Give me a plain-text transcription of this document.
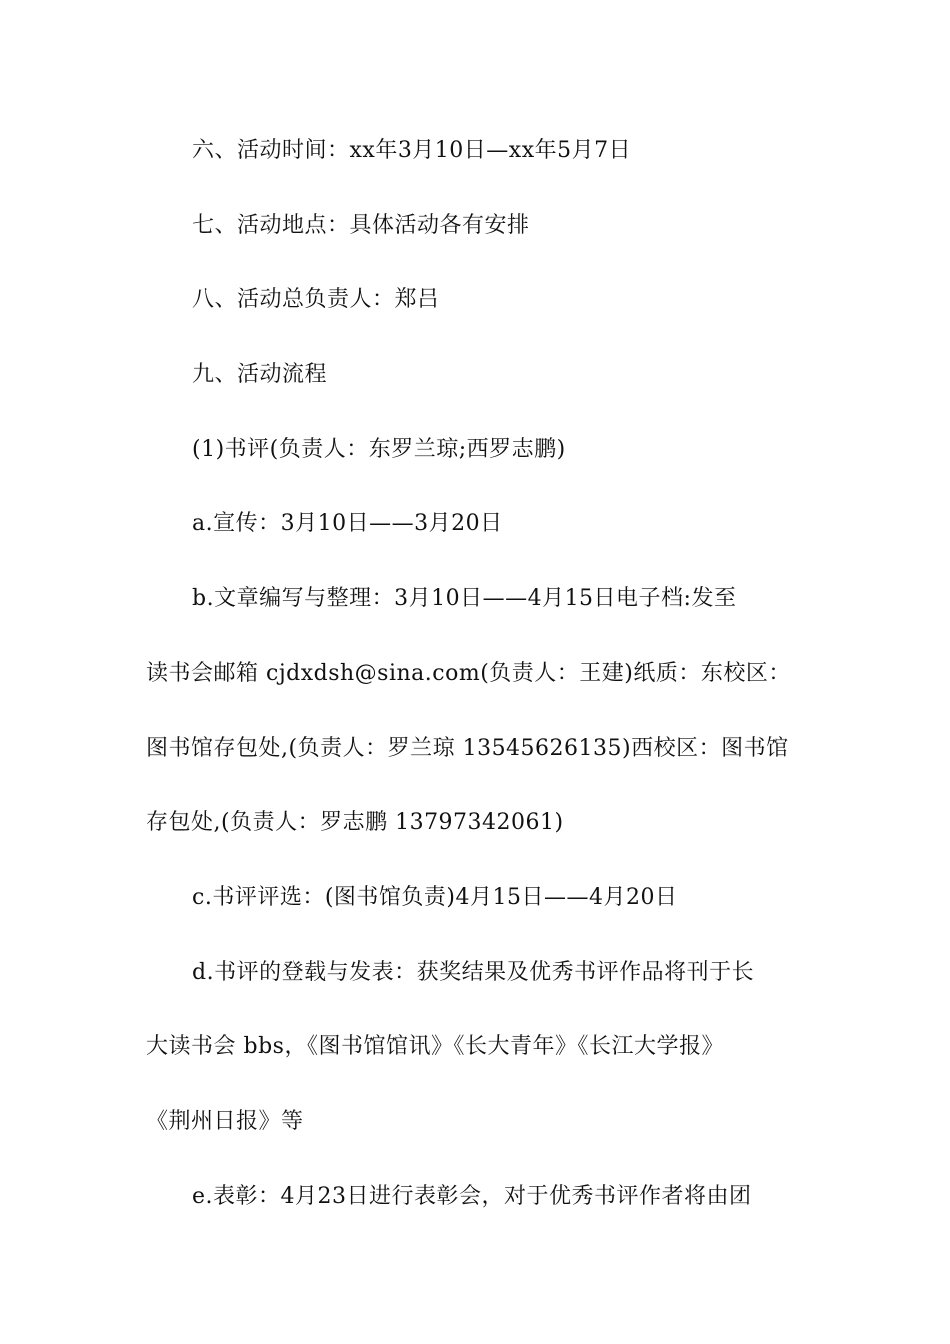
六、活动时间：xx年3月10日—xx年5月7日
七、活动地点：具体活动各有安排
八、活动总负责人：郑吕
九、活动流程
(1)书评(负责人：东罗兰琼;西罗志鹏)
a.宣传：3月10日——3月20日
b.文章编写与整理：3月10日——4月15日电子档:发至
读书会邮箱 cjdxdsh@sina.com(负责人：王建)纸质：东校区：
图书馆存包处,(负责人：罗兰琼 13545626135)西校区：图书馆
存包处,(负责人：罗志鹏 13797342061)
c.书评评选：(图书馆负责)4月15日——4月20日
d.书评的登载与发表：获奖结果及优秀书评作品将刊于长
大读书会 bbs，《图书馆馆讯》《长大青年》《长江大学报》
《荆州日报》等
e.表彰：4月23日进行表彰会，对于优秀书评作者将由团
